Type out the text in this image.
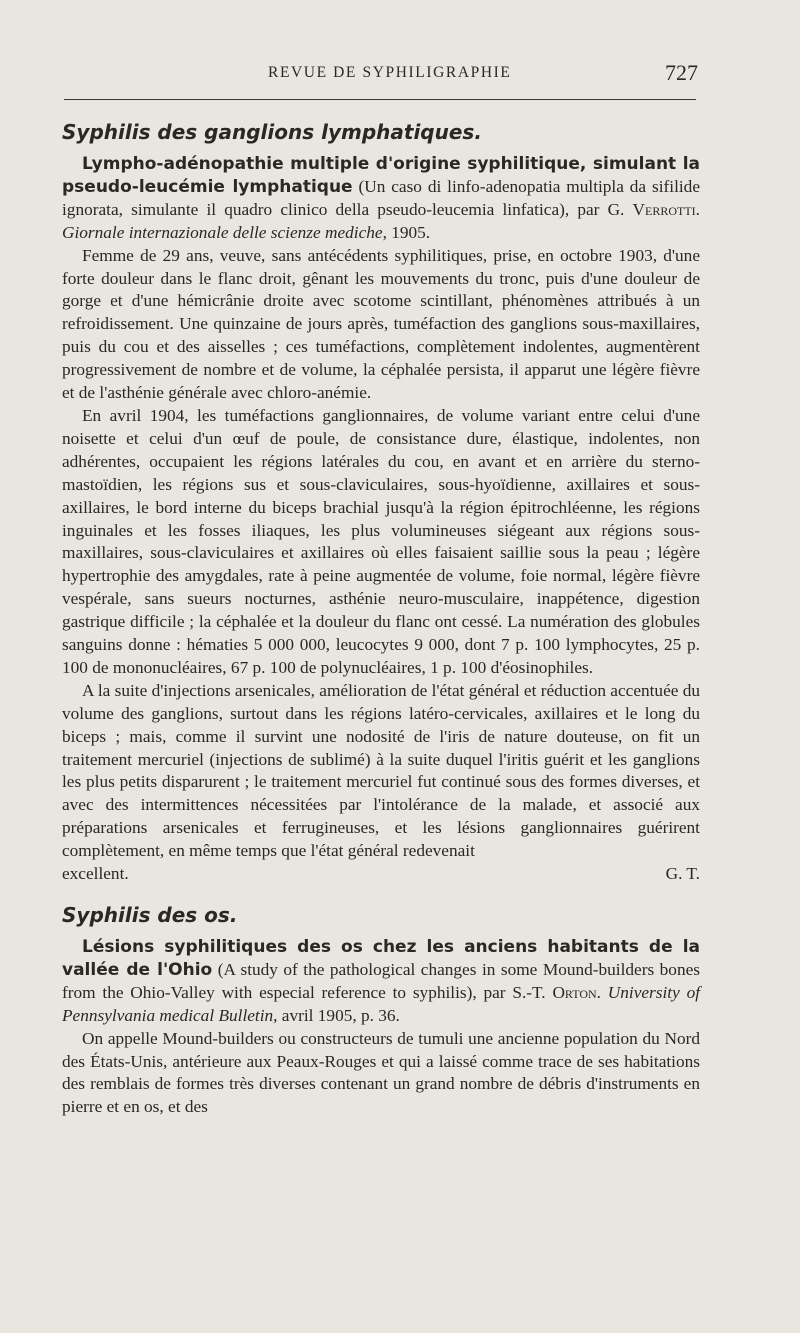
REVUE DE SYPHILIGRAPHIE	727
Syphilis des ganglions lymphatiques.

Lympho-adénopathie multiple d'origine syphilitique, simulant la pseudo-leucémie lymphatique (Un caso di linfo-adenopatia multipla da sifilide ignorata, simulante il quadro clinico della pseudo-leucemia linfatica), par G. Verrotti. Giornale internazionale delle scienze mediche, 1905.

Femme de 29 ans, veuve, sans antécédents syphilitiques, prise, en octobre 1903, d'une forte douleur dans le flanc droit, gênant les mouvements du tronc, puis d'une douleur de gorge et d'une hémicrânie droite avec scotome scintillant, phénomènes attribués à un refroidissement. Une quinzaine de jours après, tuméfaction des ganglions sous-maxillaires, puis du cou et des aisselles ; ces tuméfactions, complètement indolentes, augmentèrent progressivement de nombre et de volume, la céphalée persista, il apparut une légère fièvre et de l'asthénie générale avec chloro-anémie.

En avril 1904, les tuméfactions ganglionnaires, de volume variant entre celui d'une noisette et celui d'un œuf de poule, de consistance dure, élastique, indolentes, non adhérentes, occupaient les régions latérales du cou, en avant et en arrière du sterno-mastoïdien, les régions sus et sous-claviculaires, sous-hyoïdienne, axillaires et sous-axillaires, le bord interne du biceps brachial jusqu'à la région épitrochléenne, les régions inguinales et les fosses iliaques, les plus volumineuses siégeant aux régions sous-maxillaires, sous-claviculaires et axillaires où elles faisaient saillie sous la peau ; légère hypertrophie des amygdales, rate à peine augmentée de volume, foie normal, légère fièvre vespérale, sans sueurs nocturnes, asthénie neuro-musculaire, inappétence, digestion gastrique difficile ; la céphalée et la douleur du flanc ont cessé. La numération des globules sanguins donne : hématies 5 000 000, leucocytes 9 000, dont 7 p. 100 lymphocytes, 25 p. 100 de mononucléaires, 67 p. 100 de polynucléaires, 1 p. 100 d'éosinophiles.

A la suite d'injections arsenicales, amélioration de l'état général et réduction accentuée du volume des ganglions, surtout dans les régions latéro-cervicales, axillaires et le long du biceps ; mais, comme il survint une nodosité de l'iris de nature douteuse, on fit un traitement mercuriel (injections de sublimé) à la suite duquel l'iritis guérit et les ganglions les plus petits disparurent ; le traitement mercuriel fut continué sous des formes diverses, et avec des intermittences nécessitées par l'intolérance de la malade, et associé aux préparations arsenicales et ferrugineuses, et les lésions ganglionnaires guérirent complètement, en même temps que l'état général redevenait

excellent.	G. T.

Syphilis des os.

Lésions syphilitiques des os chez les anciens habitants de la vallée de l'Ohio (A study of the pathological changes in some Mound-builders bones from the Ohio-Valley with especial reference to syphilis), par S.-T. Orton. University of Pennsylvania medical Bulletin, avril 1905, p. 36.

On appelle Mound-builders ou constructeurs de tumuli une ancienne population du Nord des États-Unis, antérieure aux Peaux-Rouges et qui a laissé comme trace de ses habitations des remblais de formes très diverses contenant un grand nombre de débris d'instruments en pierre et en os, et des
